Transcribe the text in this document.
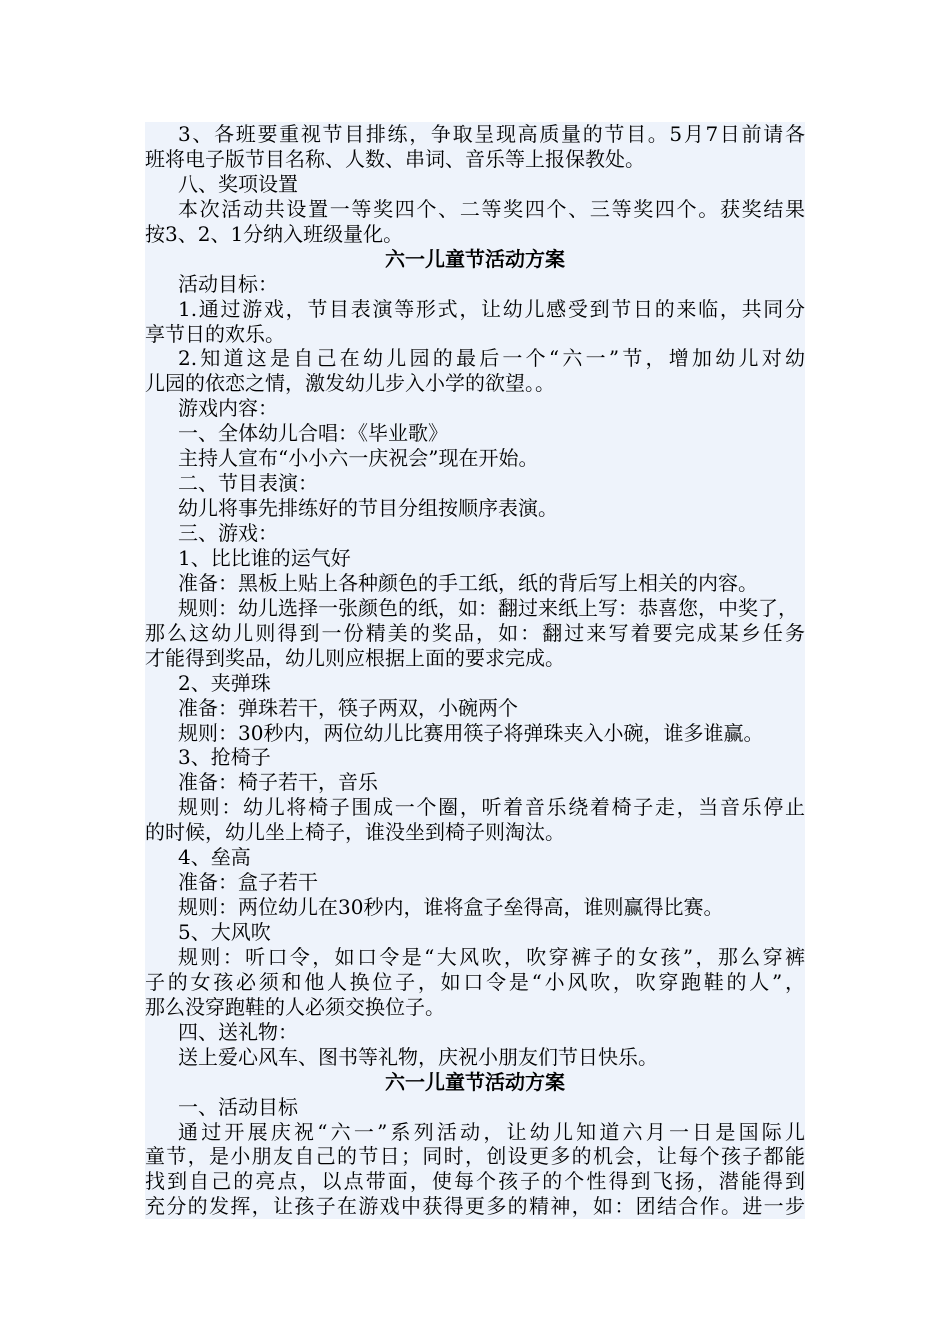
3、各班要重视节目排练，争取呈现高质量的节目。5月7日前请各
班将电子版节目名称、人数、串词、音乐等上报保教处。
八、奖项设置
本次活动共设置一等奖四个、二等奖四个、三等奖四个。获奖结果
按3、2、1分纳入班级量化。
六一儿童节活动方案
活动目标：
1.通过游戏，节目表演等形式，让幼儿感受到节日的来临，共同分
享节日的欢乐。
2.知道这是自己在幼儿园的最后一个“六一”节，增加幼儿对幼
儿园的依恋之情，激发幼儿步入小学的欲望。。
游戏内容：
一、全体幼儿合唱：《毕业歌》
主持人宣布“小小六一庆祝会”现在开始。
二、节目表演：
幼儿将事先排练好的节目分组按顺序表演。
三、游戏：
1、比比谁的运气好
准备：黑板上贴上各种颜色的手工纸，纸的背后写上相关的内容。
规则：幼儿选择一张颜色的纸，如：翻过来纸上写：恭喜您，中奖了，
那么这幼儿则得到一份精美的奖品，如：翻过来写着要完成某乡任务
才能得到奖品，幼儿则应根据上面的要求完成。
2、夹弹珠
准备：弹珠若干，筷子两双，小碗两个
规则：30秒内，两位幼儿比赛用筷子将弹珠夹入小碗，谁多谁赢。
3、抢椅子
准备：椅子若干，音乐
规则：幼儿将椅子围成一个圈，听着音乐绕着椅子走，当音乐停止
的时候，幼儿坐上椅子，谁没坐到椅子则淘汰。
4、垒高
准备：盒子若干
规则：两位幼儿在30秒内，谁将盒子垒得高，谁则赢得比赛。
5、大风吹
规则：听口令，如口令是“大风吹，吹穿裤子的女孩”，那么穿裤
子的女孩必须和他人换位子，如口令是“小风吹，吹穿跑鞋的人”，
那么没穿跑鞋的人必须交换位子。
四、送礼物：
送上爱心风车、图书等礼物，庆祝小朋友们节日快乐。
六一儿童节活动方案
一、活动目标
通过开展庆祝“六一”系列活动，让幼儿知道六月一日是国际儿
童节，是小朋友自己的节日；同时，创设更多的机会，让每个孩子都能
找到自己的亮点，以点带面，使每个孩子的个性得到飞扬，潜能得到
充分的发挥，让孩子在游戏中获得更多的精神，如：团结合作。进一步
